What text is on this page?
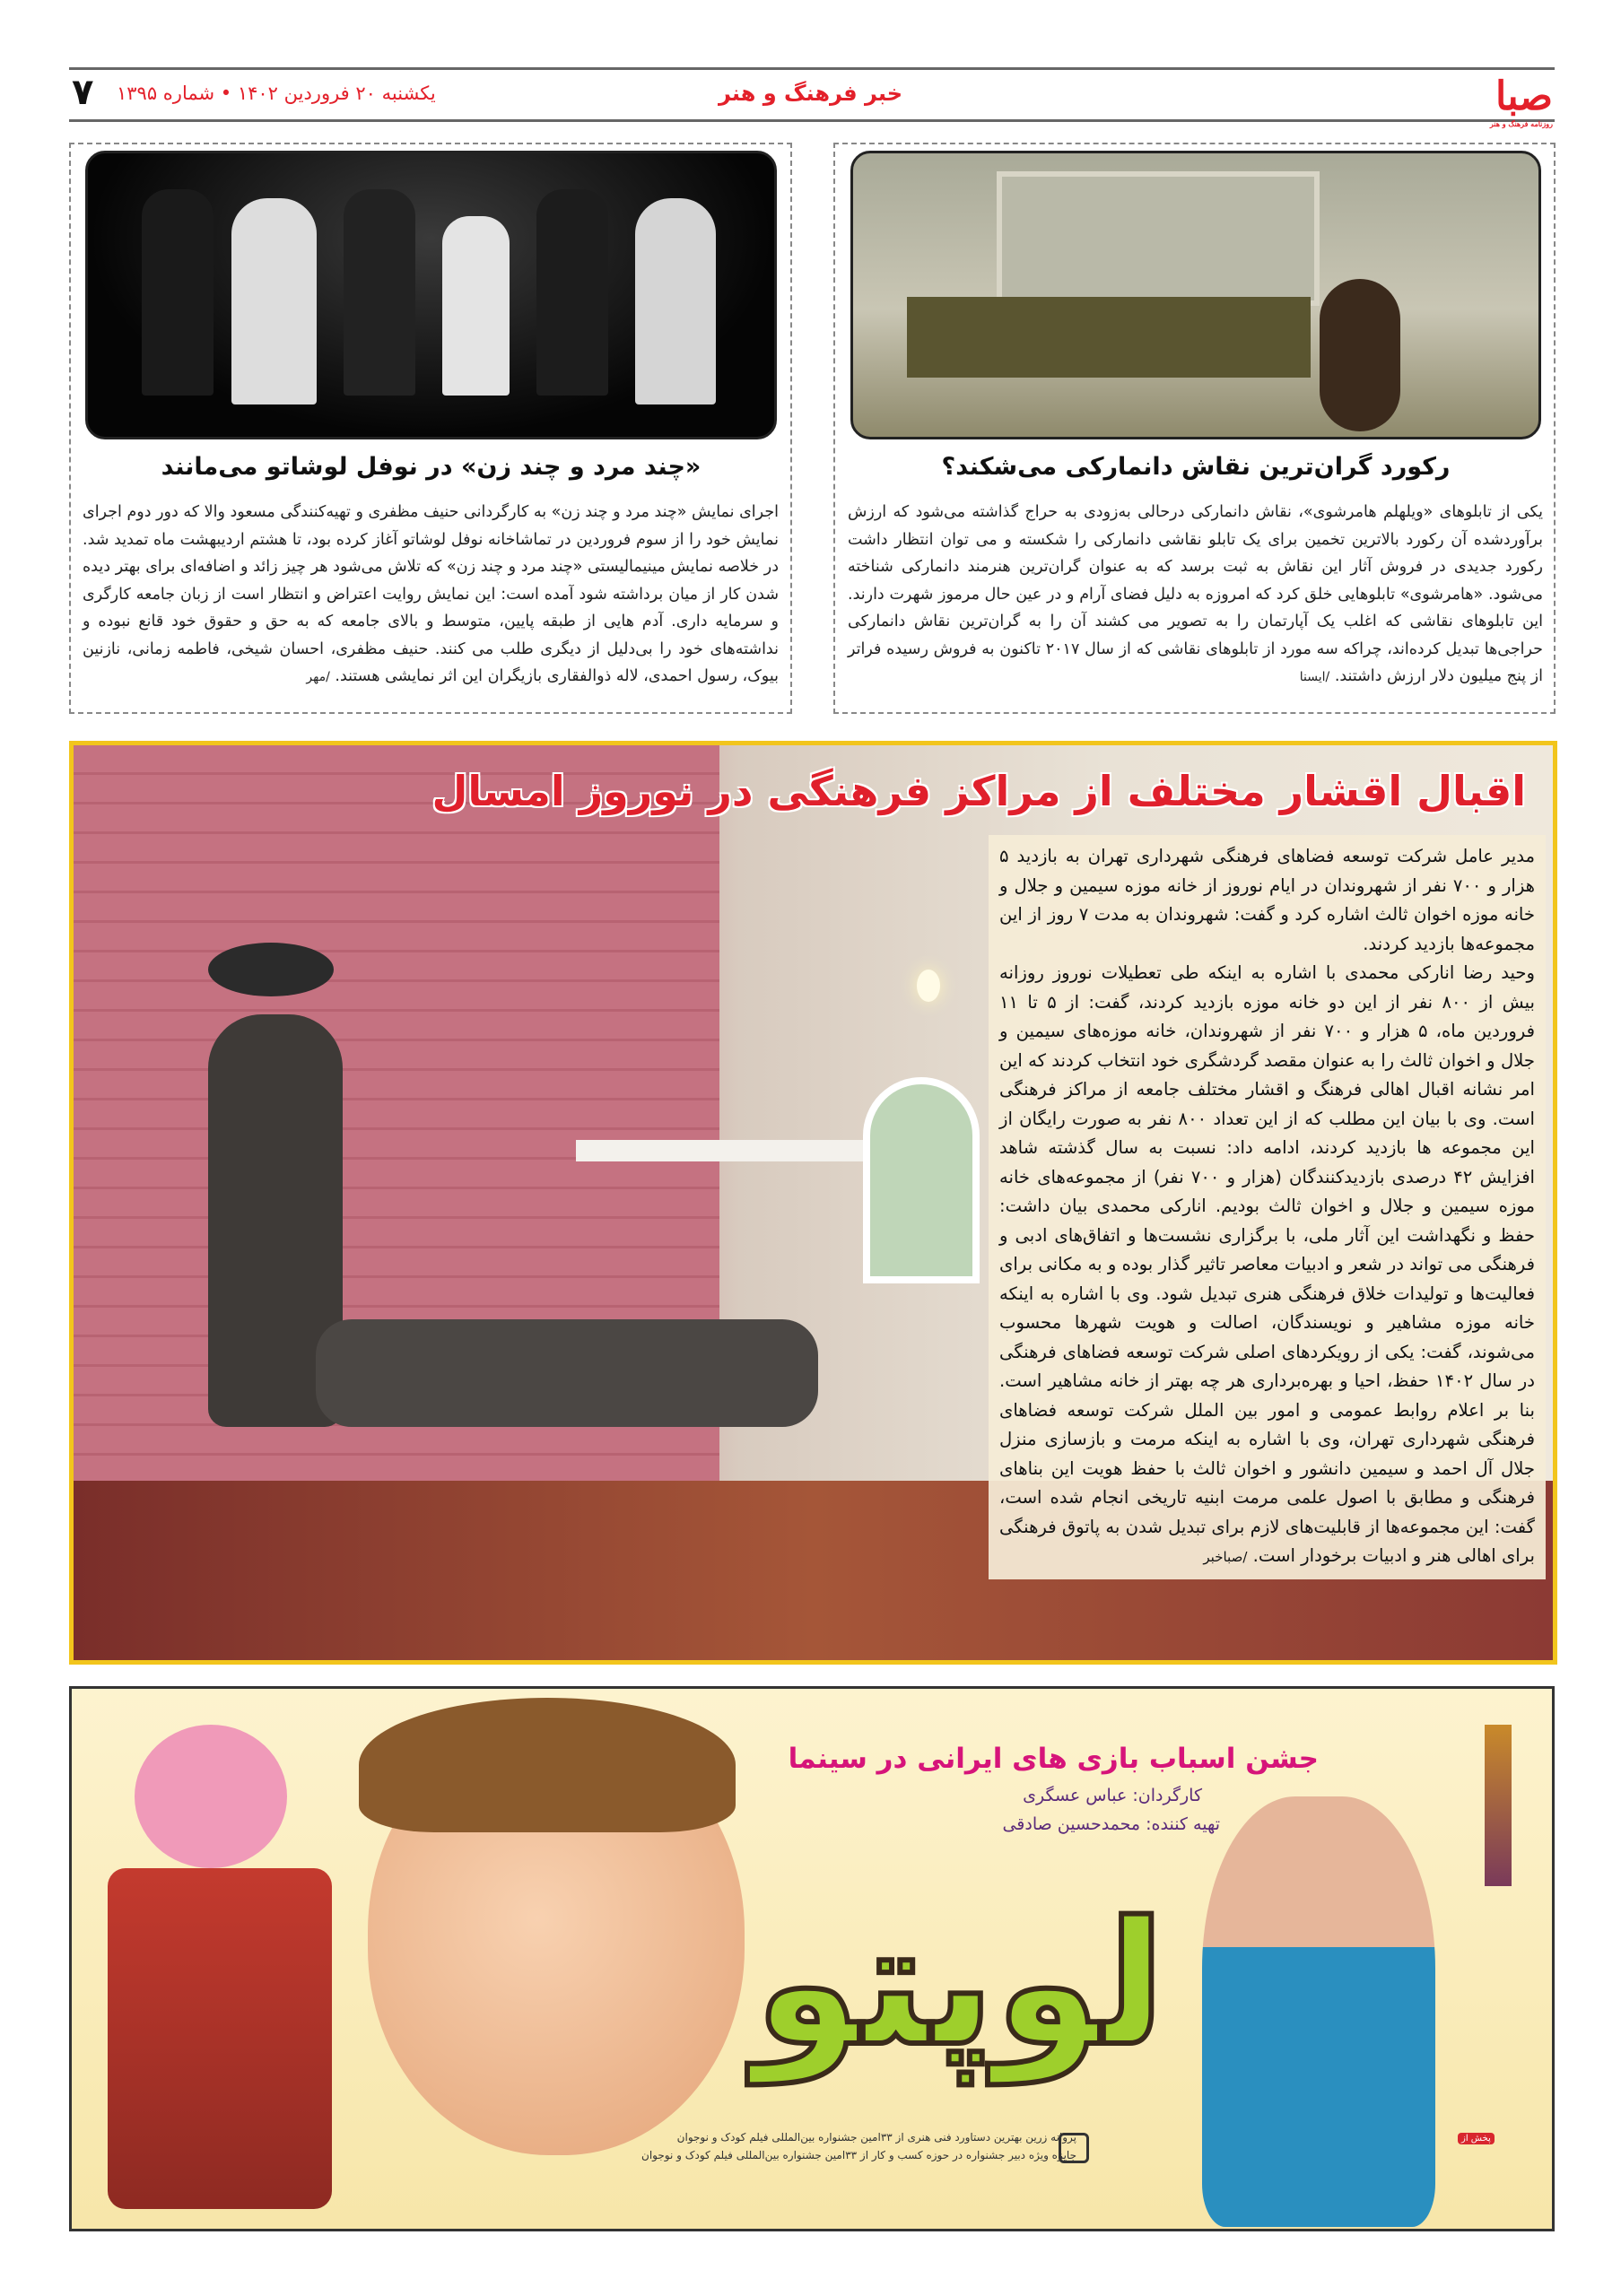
صبا
روزنامه فرهنگ و هنر
خبر فرهنگ و هنر
یکشنبه ۲۰ فروردین ۱۴۰۲ • شماره ۱۳۹۵
۷
رکورد گران‌ترین نقاش دانمارکی می‌شکند؟
یکی از تابلوهای «ویلهلم هامرشوی»، نقاش دانمارکی درحالی به‌زودی به حراج گذاشته می‌شود که ارزش برآوردشده آن رکورد بالاترین تخمین برای یک تابلو نقاشی دانمارکی را شکسته و می توان انتظار داشت رکورد جدیدی در فروش آثار این نقاش به ثبت برسد که به عنوان گران‌ترین هنرمند دانمارکی شناخته می‌شود. «هامرشوی» تابلوهایی خلق کرد که امروزه به دلیل فضای آرام و در عین حال مرموز شهرت دارند. این تابلوهای نقاشی که اغلب یک آپارتمان را به تصویر می کشند آن را به گران‌ترین نقاش دانمارکی حراجی‌ها تبدیل کرده‌اند، چراکه سه مورد از تابلوهای نقاشی که از سال ۲۰۱۷ تاکنون به فروش رسیده فراتر از پنج میلیون دلار ارزش داشتند. /ایسنا
«چند مرد و چند زن» در نوفل لوشاتو می‌مانند
اجرای نمایش «چند مرد و چند زن» به کارگردانی حنیف مظفری و تهیه‌کنندگی مسعود والا که دور دوم اجرای نمایش خود را از سوم فروردین در تماشاخانه نوفل لوشاتو آغاز کرده بود، تا هشتم اردیبهشت ماه تمدید شد. در خلاصه نمایش مینیمالیستی «چند مرد و چند زن» که تلاش می‌شود هر چیز زائد و اضافه‌ای برای بهتر دیده شدن کار از میان برداشته شود آمده است: این نمایش روایت اعتراض و انتظار است از زبان جامعه کارگری و سرمایه داری. آدم هایی از طبقه پایین، متوسط و بالای جامعه که به حق و حقوق خود قانع نبوده و نداشته‌های خود را بی‌دلیل از دیگری طلب می کنند. حنیف مظفری، احسان شیخی، فاطمه زمانی، نازنین بیوک، رسول احمدی، لاله ذوالفقاری بازیگران این اثر نمایشی هستند. /مهر
اقبال اقشار مختلف از مراکز فرهنگی در نوروز امسال
مدیر عامل شرکت توسعه فضاهای فرهنگی شهرداری تهران به بازدید ۵ هزار و ۷۰۰ نفر از شهروندان در ایام نوروز از خانه موزه سیمین و جلال و خانه موزه اخوان ثالث اشاره کرد و گفت: شهروندان به مدت ۷ روز از این مجموعه‌ها بازدید کردند.
وحید رضا انارکی محمدی با اشاره به اینکه طی تعطیلات نوروز روزانه بیش از ۸۰۰ نفر از این دو خانه موزه بازدید کردند، گفت: از ۵ تا ۱۱ فروردین ماه، ۵ هزار و ۷۰۰ نفر از شهروندان، خانه موزه‌های سیمین و جلال و اخوان ثالث را به عنوان مقصد گردشگری خود انتخاب کردند که این امر نشانه اقبال اهالی فرهنگ و اقشار مختلف جامعه از مراکز فرهنگی است. وی با بیان این مطلب که از این تعداد ۸۰۰ نفر به صورت رایگان از این مجموعه ها بازدید کردند، ادامه داد: نسبت به سال گذشته شاهد افزایش ۴۲ درصدی بازدیدکنندگان (هزار و ۷۰۰ نفر) از مجموعه‌های خانه موزه سیمین و جلال و اخوان ثالث بودیم. انارکی محمدی بیان داشت: حفظ و نگهداشت این آثار ملی، با برگزاری نشست‌ها و اتفاق‌های ادبی و فرهنگی می تواند در شعر و ادبیات معاصر تاثیر گذار بوده و به مکانی برای فعالیت‌ها و تولیدات خلاق فرهنگی هنری تبدیل شود. وی با اشاره به اینکه خانه موزه مشاهیر و نویسندگان، اصالت و هویت شهرها محسوب می‌شوند، گفت: یکی از رویکردهای اصلی شرکت توسعه فضاهای فرهنگی در سال ۱۴۰۲ حفظ، احیا و بهره‌برداری هر چه بهتر از خانه مشاهیر است. بنا بر اعلام روابط عمومی و امور بین الملل شرکت توسعه فضاهای فرهنگی شهرداری تهران، وی با اشاره به اینکه مرمت و بازسازی منزل جلال آل احمد و سیمین دانشور و اخوان ثالث با حفظ هویت این بناهای فرهنگی و مطابق با اصول علمی مرمت ابنیه تاریخی انجام شده است، گفت: این مجموعه‌ها از قابلیت‌های لازم برای تبدیل شدن به پاتوق فرهنگی برای اهالی هنر و ادبیات برخودار است. /صباخبر
لوپتو
جشن اسباب بازی های ایرانی در سینما
کارگردان: عباس عسگری
تهیه کننده: محمدحسین صادقی
پروانه زرین بهترین دستاورد فنی هنری از ۳۳امین جشنواره بین‌المللی فیلم کودک و نوجوان
جایزه ویژه دبیر جشنواره در حوزه کسب و کار از ۳۳امین جشنواره بین‌المللی فیلم کودک و نوجوان
پخش از
